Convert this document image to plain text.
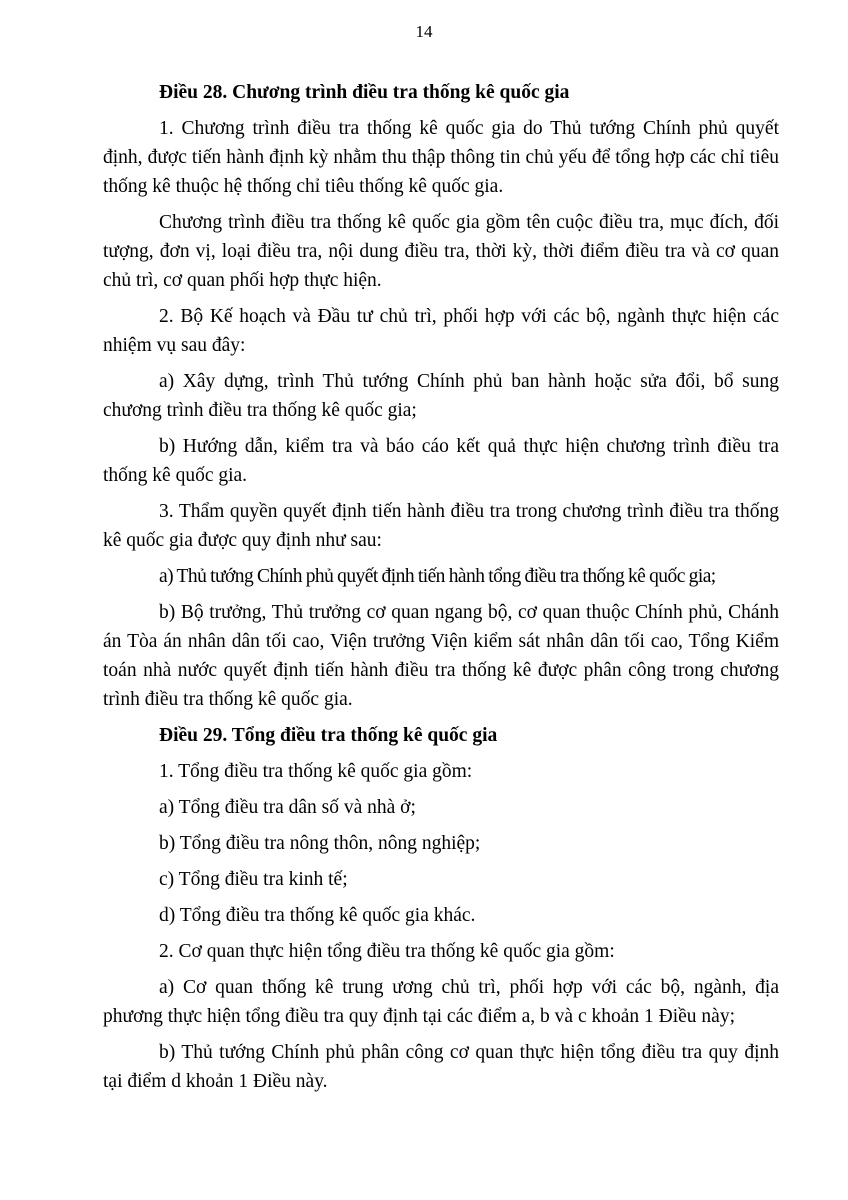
14
Điều 28. Chương trình điều tra thống kê quốc gia

1. Chương trình điều tra thống kê quốc gia do Thủ tướng Chính phủ quyết định, được tiến hành định kỳ nhằm thu thập thông tin chủ yếu để tổng hợp các chỉ tiêu thống kê thuộc hệ thống chỉ tiêu thống kê quốc gia.

Chương trình điều tra thống kê quốc gia gồm tên cuộc điều tra, mục đích, đối tượng, đơn vị, loại điều tra, nội dung điều tra, thời kỳ, thời điểm điều tra và cơ quan chủ trì, cơ quan phối hợp thực hiện.

2. Bộ Kế hoạch và Đầu tư chủ trì, phối hợp với các bộ, ngành thực hiện các nhiệm vụ sau đây:

a) Xây dựng, trình Thủ tướng Chính phủ ban hành hoặc sửa đổi, bổ sung chương trình điều tra thống kê quốc gia;

b) Hướng dẫn, kiểm tra và báo cáo kết quả thực hiện chương trình điều tra thống kê quốc gia.

3. Thẩm quyền quyết định tiến hành điều tra trong chương trình điều tra thống kê quốc gia được quy định như sau:

a) Thủ tướng Chính phủ quyết định tiến hành tổng điều tra thống kê quốc gia;

b) Bộ trưởng, Thủ trưởng cơ quan ngang bộ, cơ quan thuộc Chính phủ, Chánh án Tòa án nhân dân tối cao, Viện trưởng Viện kiểm sát nhân dân tối cao, Tổng Kiểm toán nhà nước quyết định tiến hành điều tra thống kê được phân công trong chương trình điều tra thống kê quốc gia.

Điều 29. Tổng điều tra thống kê quốc gia

1. Tổng điều tra thống kê quốc gia gồm:

a) Tổng điều tra dân số và nhà ở;

b) Tổng điều tra nông thôn, nông nghiệp;

c) Tổng điều tra kinh tế;

d) Tổng điều tra thống kê quốc gia khác.

2. Cơ quan thực hiện tổng điều tra thống kê quốc gia gồm:

a) Cơ quan thống kê trung ương chủ trì, phối hợp với các bộ, ngành, địa phương thực hiện tổng điều tra quy định tại các điểm a, b và c khoản 1 Điều này;

b) Thủ tướng Chính phủ phân công cơ quan thực hiện tổng điều tra quy định tại điểm d khoản 1 Điều này.
